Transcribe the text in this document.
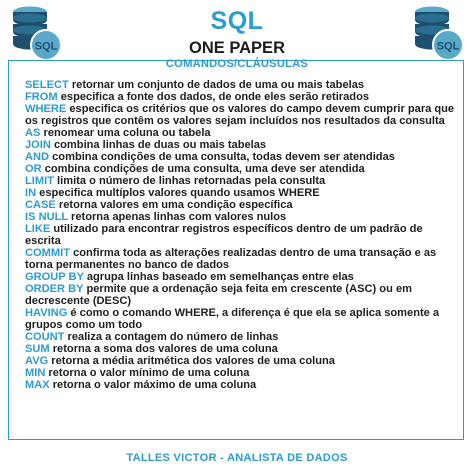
SQL	SQL
SQL
ONE PAPER
COMANDOS/CLÁUSULAS

SELECT retornar um conjunto de dados de uma ou mais tabelas

FROM especifica a fonte dos dados, de onde eles serão retirados

WHERE especifica os critérios que os valores do campo devem cumprir para que os registros que contêm os valores sejam incluídos nos resultados da consulta

AS renomear uma coluna ou tabela

JOIN combina linhas de duas ou mais tabelas

AND combina condições de uma consulta, todas devem ser atendidas

OR combina condições de uma consulta, uma deve ser atendida

LIMIT limita o número de linhas retornadas pela consulta

IN especifica multíplos valores quando usamos WHERE

CASE retorna valores em uma condição específica

IS NULL retorna apenas linhas com valores nulos

LIKE utilizado para encontrar registros específicos dentro de um padrão de escrita

COMMIT confirma toda as alterações realizadas dentro de uma transação e as torna permanentes no banco de dados

GROUP BY agrupa linhas baseado em semelhanças entre elas

ORDER BY permite que a ordenação seja feita em crescente (ASC) ou em decrescente (DESC)

HAVING é como o comando WHERE, a diferença é que ela se aplica somente a grupos como um todo

COUNT realiza a contagem do número de linhas

SUM retorna a soma dos valores de uma coluna

AVG retorna a média aritmética dos valores de uma coluna

MIN retorna o valor mínimo de uma coluna

MAX retorna o valor máximo de uma coluna

TALLES VICTOR - ANALISTA DE DADOS
